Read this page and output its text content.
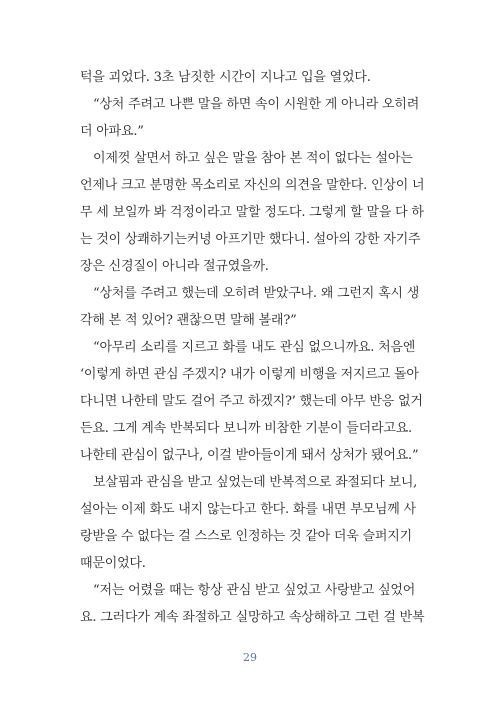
턱을 괴었다. 3초 남짓한 시간이 지나고 입을 열었다.
“상처 주려고 나쁜 말을 하면 속이 시원한 게 아니라 오히려
더 아파요.”
이제껏 살면서 하고 싶은 말을 참아 본 적이 없다는 설아는
언제나 크고 분명한 목소리로 자신의 의견을 말한다. 인상이 너
무 세 보일까 봐 걱정이라고 말할 정도다. 그렇게 할 말을 다 하
는 것이 상쾌하기는커녕 아프기만 했다니. 설아의 강한 자기주
장은 신경질이 아니라 절규였을까.
“상처를 주려고 했는데 오히려 받았구나. 왜 그런지 혹시 생
각해 본 적 있어? 괜찮으면 말해 볼래?”
“아무리 소리를 지르고 화를 내도 관심 없으니까요. 처음엔
‘이렇게 하면 관심 주겠지? 내가 이렇게 비행을 저지르고 돌아
다니면 나한테 말도 걸어 주고 하겠지?’ 했는데 아무 반응 없거
든요. 그게 계속 반복되다 보니까 비참한 기분이 들더라고요.
나한테 관심이 없구나, 이걸 받아들이게 돼서 상처가 됐어요.”
보살핌과 관심을 받고 싶었는데 반복적으로 좌절되다 보니,
설아는 이제 화도 내지 않는다고 한다. 화를 내면 부모님께 사
랑받을 수 없다는 걸 스스로 인정하는 것 같아 더욱 슬퍼지기
때문이었다.
“저는 어렸을 때는 항상 관심 받고 싶었고 사랑받고 싶었어
요. 그러다가 계속 좌절하고 실망하고 속상해하고 그런 걸 반복
29
